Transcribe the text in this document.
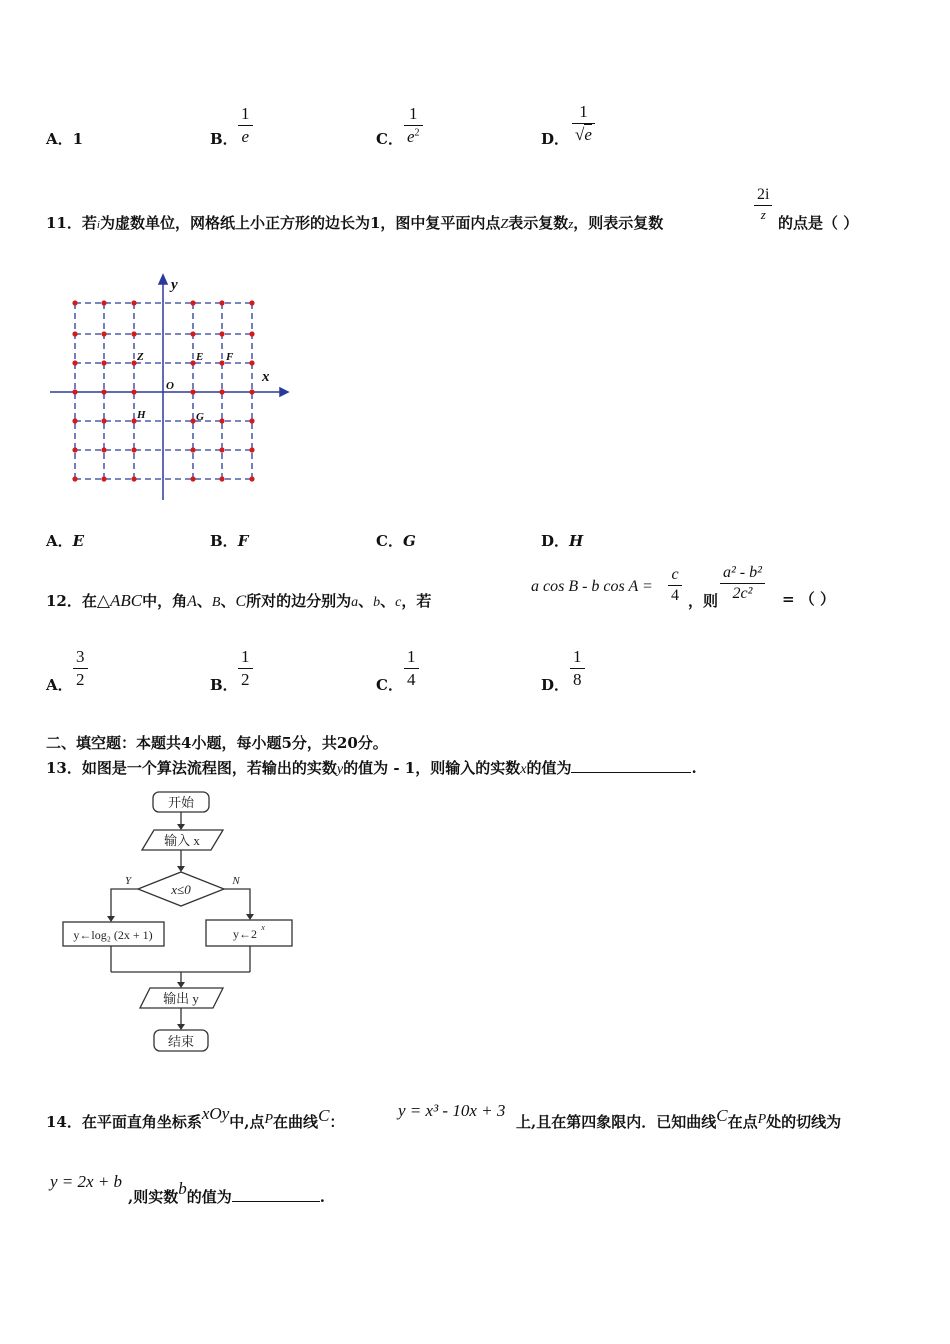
A．1	B．
1
e	C．
1
$e^2$	D．
1
√e
11．若i为虚数单位，网格纸上小正方形的边长为1，图中复平面内点Z表示复数z，则表示复数
2i
z 的点是（ ）
y
x
O
Z	E F
H	G
A．E	B．F	C．G	D．H
12．在△ABC中，角A、B、C所对的边分别为a、b、c，若
a cos B - b cos A =
c
4 ，则
a² - b²
2c²	= （ ）
A．
3
2	B．
1
2	C．
1
4	D．
1
8
二、填空题：本题共4小题，每小题5分，共20分。
13．如图是一个算法流程图，若输出的实数y的值为 - 1，则输入的实数x的值为	.
开始
输入 x
x≤0
Y	N
y←log₂ (2x + 1)	y←2 x
输出 y
结束
14．在平面直角坐标系xOy中,点P在曲线C：
y = x³ - 10x + 3
上,且在第四象限内．已知曲线C在点P处的切线为
y = 2x + b
,则实数b的值为	.
